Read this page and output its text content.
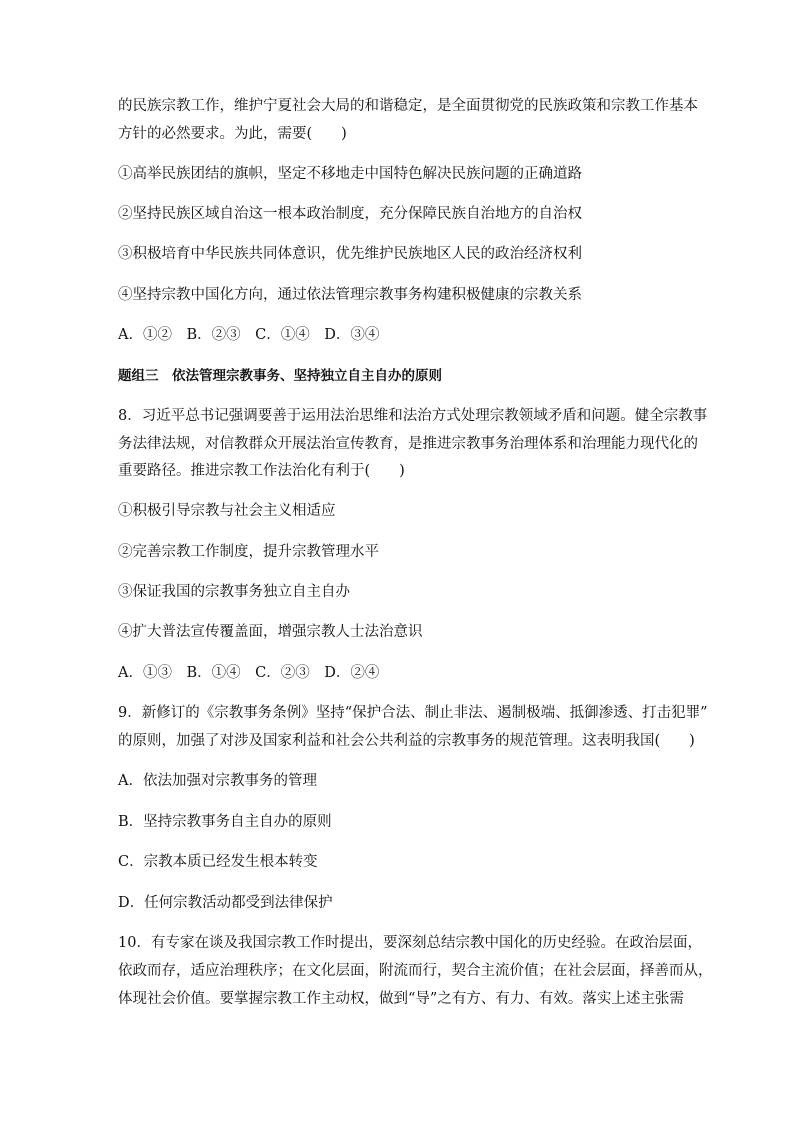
的民族宗教工作，维护宁夏社会大局的和谐稳定，是全面贯彻党的民族政策和宗教工作基本
方针的必然要求。为此，需要(　　)
①高举民族团结的旗帜，坚定不移地走中国特色解决民族问题的正确道路
②坚持民族区域自治这一根本政治制度，充分保障民族自治地方的自治权
③积极培育中华民族共同体意识，优先维护民族地区人民的政治经济权利
④坚持宗教中国化方向，通过依法管理宗教事务构建积极健康的宗教关系
A．①②　B．②③　C．①④　D．③④
题组三　依法管理宗教事务、坚持独立自主自办的原则
8．习近平总书记强调要善于运用法治思维和法治方式处理宗教领域矛盾和问题。健全宗教事
务法律法规，对信教群众开展法治宣传教育，是推进宗教事务治理体系和治理能力现代化的
重要路径。推进宗教工作法治化有利于(　　)
①积极引导宗教与社会主义相适应
②完善宗教工作制度，提升宗教管理水平
③保证我国的宗教事务独立自主自办
④扩大普法宣传覆盖面，增强宗教人士法治意识
A．①③　B．①④　C．②③　D．②④
9．新修订的《宗教事务条例》坚持“保护合法、制止非法、遏制极端、抵御渗透、打击犯罪”
的原则，加强了对涉及国家利益和社会公共利益的宗教事务的规范管理。这表明我国(　　)
A．依法加强对宗教事务的管理
B．坚持宗教事务自主自办的原则
C．宗教本质已经发生根本转变
D．任何宗教活动都受到法律保护
10．有专家在谈及我国宗教工作时提出，要深刻总结宗教中国化的历史经验。在政治层面，
依政而存，适应治理秩序；在文化层面，附流而行，契合主流价值；在社会层面，择善而从，
体现社会价值。要掌握宗教工作主动权，做到“导”之有方、有力、有效。落实上述主张需
